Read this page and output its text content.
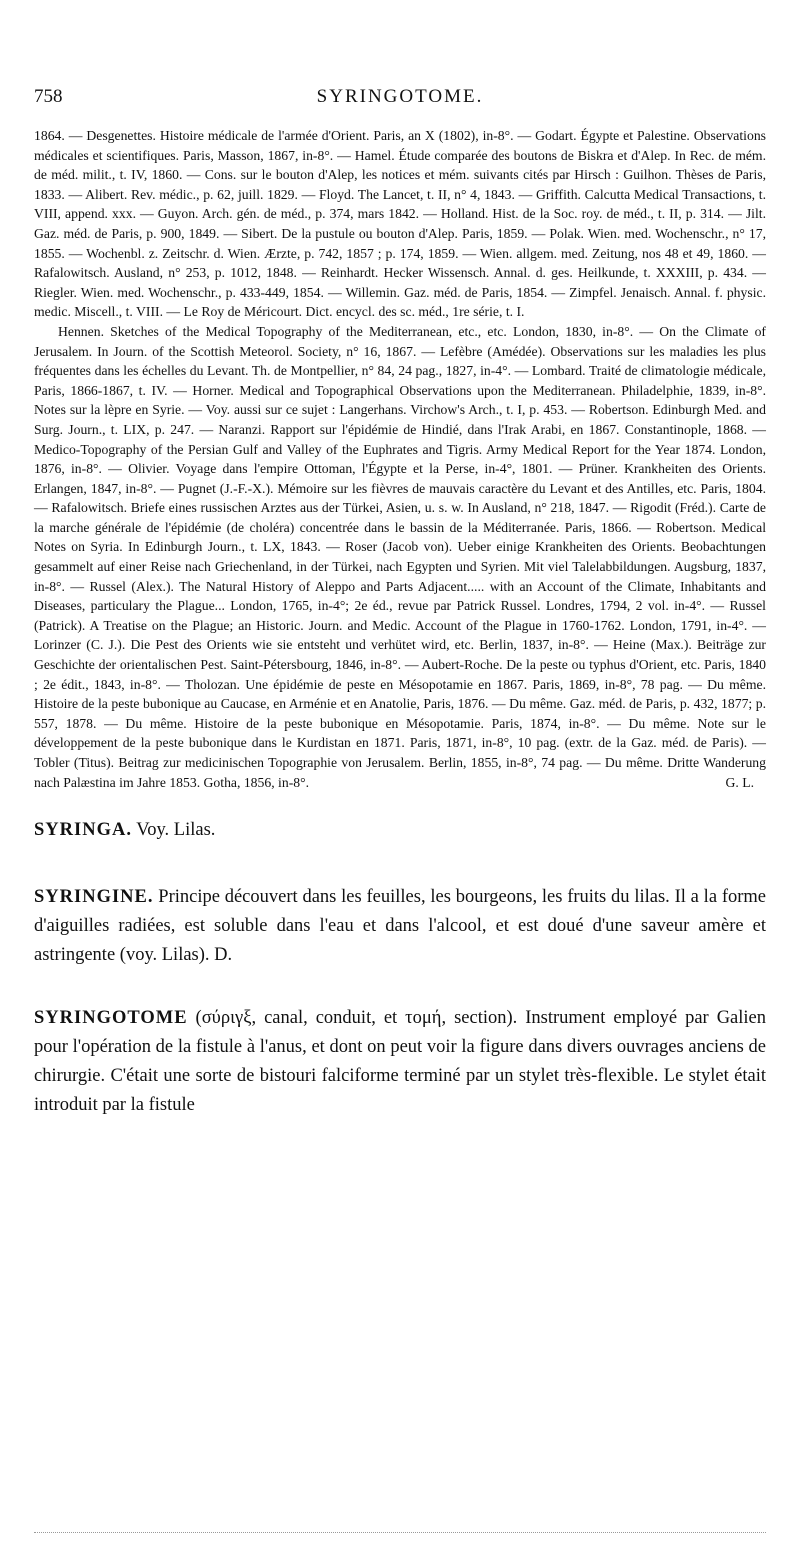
758	SYRINGOTOME.

1864. — Desgenettes. Histoire médicale de l'armée d'Orient. Paris, an X (1802), in-8°. — Godart. Égypte et Palestine. Observations médicales et scientifiques. Paris, Masson, 1867, in-8°. — Hamel. Étude comparée des boutons de Biskra et d'Alep. In Rec. de mém. de méd. milit., t. IV, 1860. — Cons. sur le bouton d'Alep, les notices et mém. suivants cités par Hirsch : Guilhon. Thèses de Paris, 1833. — Alibert. Rev. médic., p. 62, juill. 1829. — Floyd. The Lancet, t. II, n° 4, 1843. — Griffith. Calcutta Medical Transactions, t. VIII, append. xxx. — Guyon. Arch. gén. de méd., p. 374, mars 1842. — Holland. Hist. de la Soc. roy. de méd., t. II, p. 314. — Jilt. Gaz. méd. de Paris, p. 900, 1849. — Sibert. De la pustule ou bouton d'Alep. Paris, 1859. — Polak. Wien. med. Wochenschr., n° 17, 1855. — Wochenbl. z. Zeitschr. d. Wien. Ærzte, p. 742, 1857 ; p. 174, 1859. — Wien. allgem. med. Zeitung, nos 48 et 49, 1860. — Rafalowitsch. Ausland, n° 253, p. 1012, 1848. — Reinhardt. Hecker Wissensch. Annal. d. ges. Heilkunde, t. XXXIII, p. 434. — Riegler. Wien. med. Wochenschr., p. 433-449, 1854. — Willemin. Gaz. méd. de Paris, 1854. — Zimpfel. Jenaisch. Annal. f. physic. medic. Miscell., t. VIII. — Le Roy de Méricourt. Dict. encycl. des sc. méd., 1re série, t. I.

Hennen. Sketches of the Medical Topography of the Mediterranean, etc., etc. London, 1830, in-8°. — On the Climate of Jerusalem. In Journ. of the Scottish Meteorol. Society, n° 16, 1867. — Lefèbre (Amédée). Observations sur les maladies les plus fréquentes dans les échelles du Levant. Th. de Montpellier, n° 84, 24 pag., 1827, in-4°. — Lombard. Traité de climatologie médicale, Paris, 1866-1867, t. IV. — Horner. Medical and Topographical Observations upon the Mediterranean. Philadelphie, 1839, in-8°. Notes sur la lèpre en Syrie. — Voy. aussi sur ce sujet : Langerhans. Virchow's Arch., t. I, p. 453. — Robertson. Edinburgh Med. and Surg. Journ., t. LIX, p. 247. — Naranzi. Rapport sur l'épidémie de Hindié, dans l'Irak Arabi, en 1867. Constantinople, 1868. — Medico-Topography of the Persian Gulf and Valley of the Euphrates and Tigris. Army Medical Report for the Year 1874. London, 1876, in-8°. — Olivier. Voyage dans l'empire Ottoman, l'Égypte et la Perse, in-4°, 1801. — Prüner. Krankheiten des Orients. Erlangen, 1847, in-8°. — Pugnet (J.-F.-X.). Mémoire sur les fièvres de mauvais caractère du Levant et des Antilles, etc. Paris, 1804. — Rafalowitsch. Briefe eines russischen Arztes aus der Türkei, Asien, u. s. w. In Ausland, n° 218, 1847. — Rigodit (Fréd.). Carte de la marche générale de l'épidémie (de choléra) concentrée dans le bassin de la Méditerranée. Paris, 1866. — Robertson. Medical Notes on Syria. In Edinburgh Journ., t. LX, 1843. — Roser (Jacob von). Ueber einige Krankheiten des Orients. Beobachtungen gesammelt auf einer Reise nach Griechenland, in der Türkei, nach Egypten und Syrien. Mit viel Talelabbildungen. Augsburg, 1837, in-8°. — Russel (Alex.). The Natural History of Aleppo and Parts Adjacent..... with an Account of the Climate, Inhabitants and Diseases, particulary the Plague... London, 1765, in-4°; 2e éd., revue par Patrick Russel. Londres, 1794, 2 vol. in-4°. — Russel (Patrick). A Treatise on the Plague; an Historic. Journ. and Medic. Account of the Plague in 1760-1762. London, 1791, in-4°. — Lorinzer (C. J.). Die Pest des Orients wie sie entsteht und verhütet wird, etc. Berlin, 1837, in-8°. — Heine (Max.). Beiträge zur Geschichte der orientalischen Pest. Saint-Pétersbourg, 1846, in-8°. — Aubert-Roche. De la peste ou typhus d'Orient, etc. Paris, 1840 ; 2e édit., 1843, in-8°. — Tholozan. Une épidémie de peste en Mésopotamie en 1867. Paris, 1869, in-8°, 78 pag. — Du même. Histoire de la peste bubonique au Caucase, en Arménie et en Anatolie, Paris, 1876. — Du même. Gaz. méd. de Paris, p. 432, 1877; p. 557, 1878. — Du même. Histoire de la peste bubonique en Mésopotamie. Paris, 1874, in-8°. — Du même. Note sur le développement de la peste bubonique dans le Kurdistan en 1871. Paris, 1871, in-8°, 10 pag. (extr. de la Gaz. méd. de Paris). — Tobler (Titus). Beitrag zur medicinischen Topographie von Jerusalem. Berlin, 1855, in-8°, 74 pag. — Du même. Dritte Wanderung nach Palæstina im Jahre 1853. Gotha, 1856, in-8°.	G. L.

SYRINGA. Voy. Lilas.

SYRINGINE. Principe découvert dans les feuilles, les bourgeons, les fruits du lilas. Il a la forme d'aiguilles radiées, est soluble dans l'eau et dans l'alcool, et est doué d'une saveur amère et astringente (voy. Lilas). D.

SYRINGOTOME (σύριγξ, canal, conduit, et τομή, section). Instrument employé par Galien pour l'opération de la fistule à l'anus, et dont on peut voir la figure dans divers ouvrages anciens de chirurgie. C'était une sorte de bistouri falciforme terminé par un stylet très-flexible. Le stylet était introduit par la fistule
